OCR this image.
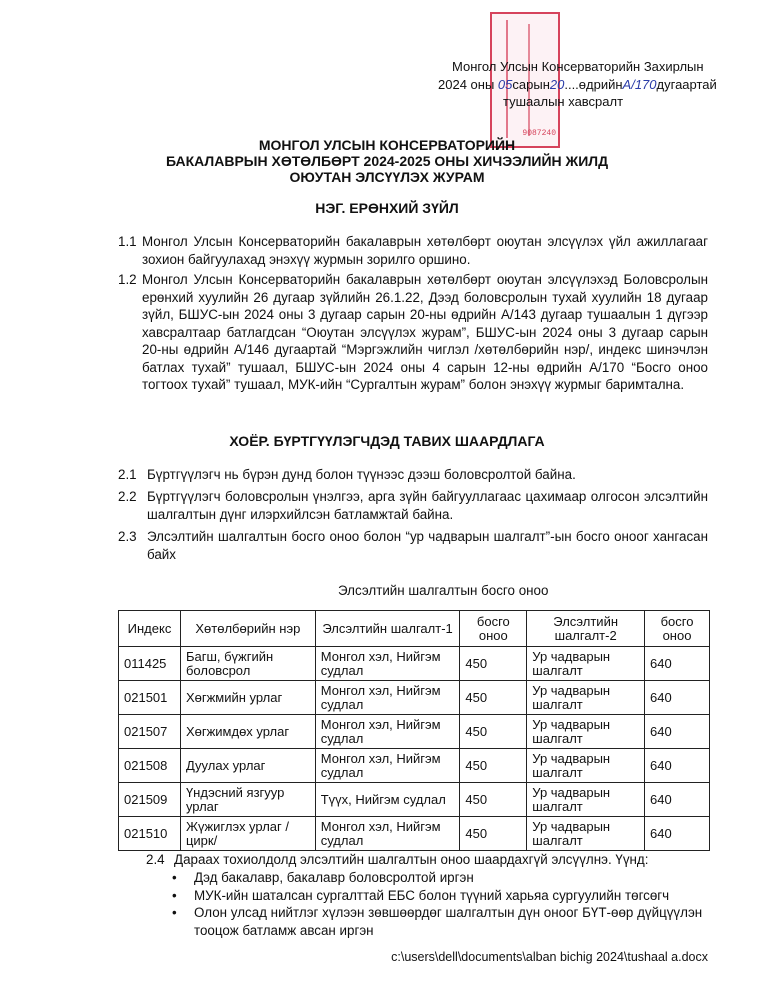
9087240
Монгол Улсын Консерваторийн Захирлын
2024 оны 05сарын20....өдрийнА/170дугаартай
тушаалын хавсралт
МОНГОЛ УЛСЫН КОНСЕРВАТОРИЙН
БАКАЛАВРЫН ХӨТӨЛБӨРТ 2024-2025 ОНЫ ХИЧЭЭЛИЙН ЖИЛД
ОЮУТАН ЭЛСҮҮЛЭХ ЖУРАМ
НЭГ. ЕРӨНХИЙ ЗҮЙЛ
1.1 Монгол Улсын Консерваторийн бакалаврын хөтөлбөрт оюутан элсүүлэх үйл ажиллагааг зохион байгуулахад энэхүү журмын зорилго оршино.
1.2 Монгол Улсын Консерваторийн бакалаврын хөтөлбөрт оюутан элсүүлэхэд Боловсролын ерөнхий хуулийн 26 дугаар зүйлийн 26.1.22, Дээд боловсролын тухай хуулийн 18 дугаар зүйл, БШУС-ын 2024 оны 3 дугаар сарын 20-ны өдрийн А/143 дугаар тушаалын 1 дүгээр хавсралтаар батлагдсан “Оюутан элсүүлэх журам”, БШУС-ын 2024 оны 3 дугаар сарын 20-ны өдрийн А/146 дугаартай “Мэргэжлийн чиглэл /хөтөлбөрийн нэр/, индекс шинэчлэн батлах тухай” тушаал, БШУС-ын 2024 оны 4 сарын 12-ны өдрийн А/170 “Босго оноо тогтоох тухай” тушаал, МУК-ийн “Сургалтын журам” болон энэхүү журмыг баримтална.
ХОЁР. БҮРТГҮҮЛЭГЧДЭД ТАВИХ ШААРДЛАГА
2.1 Бүртгүүлэгч нь бүрэн дунд болон түүнээс дээш боловсролтой байна.
2.2 Бүртгүүлэгч боловсролын үнэлгээ, арга зүйн байгууллагаас цахимаар олгосон элсэлтийн шалгалтын дүнг илэрхийлсэн батламжтай байна.
2.3 Элсэлтийн шалгалтын босго оноо болон “ур чадварын шалгалт”-ын босго оноог хангасан байх
Элсэлтийн шалгалтын босго оноо
Индекс	Хөтөлбөрийн нэр	Элсэлтийн шалгалт-1	босго оноо	Элсэлтийн шалгалт-2	босго оноо
011425	Багш, бүжгийн боловсрол	Монгол хэл, Нийгэм судлал	450	Ур чадварын шалгалт	640
021501	Хөгжмийн урлаг	Монгол хэл, Нийгэм судлал	450	Ур чадварын шалгалт	640
021507	Хөгжимдөх урлаг	Монгол хэл, Нийгэм судлал	450	Ур чадварын шалгалт	640
021508	Дуулах урлаг	Монгол хэл, Нийгэм судлал	450	Ур чадварын шалгалт	640
021509	Үндэсний язгуур урлаг	Түүх, Нийгэм судлал	450	Ур чадварын шалгалт	640
021510	Жүжиглэх урлаг /цирк/	Монгол хэл, Нийгэм судлал	450	Ур чадварын шалгалт	640
2.4 Дараах тохиолдолд элсэлтийн шалгалтын оноо шаардахгүй элсүүлнэ. Үүнд:
• Дэд бакалавр, бакалавр боловсролтой иргэн
• МУК-ийн шаталсан сургалттай ЕБС болон түүний харьяа сургуулийн төгсөгч
• Олон улсад нийтлэг хүлээн зөвшөөрдөг шалгалтын дүн оноог БҮТ-өөр дүйцүүлэн тооцож батламж авсан иргэн
c:\users\dell\documents\alban bichig 2024\tushaal a.docx
